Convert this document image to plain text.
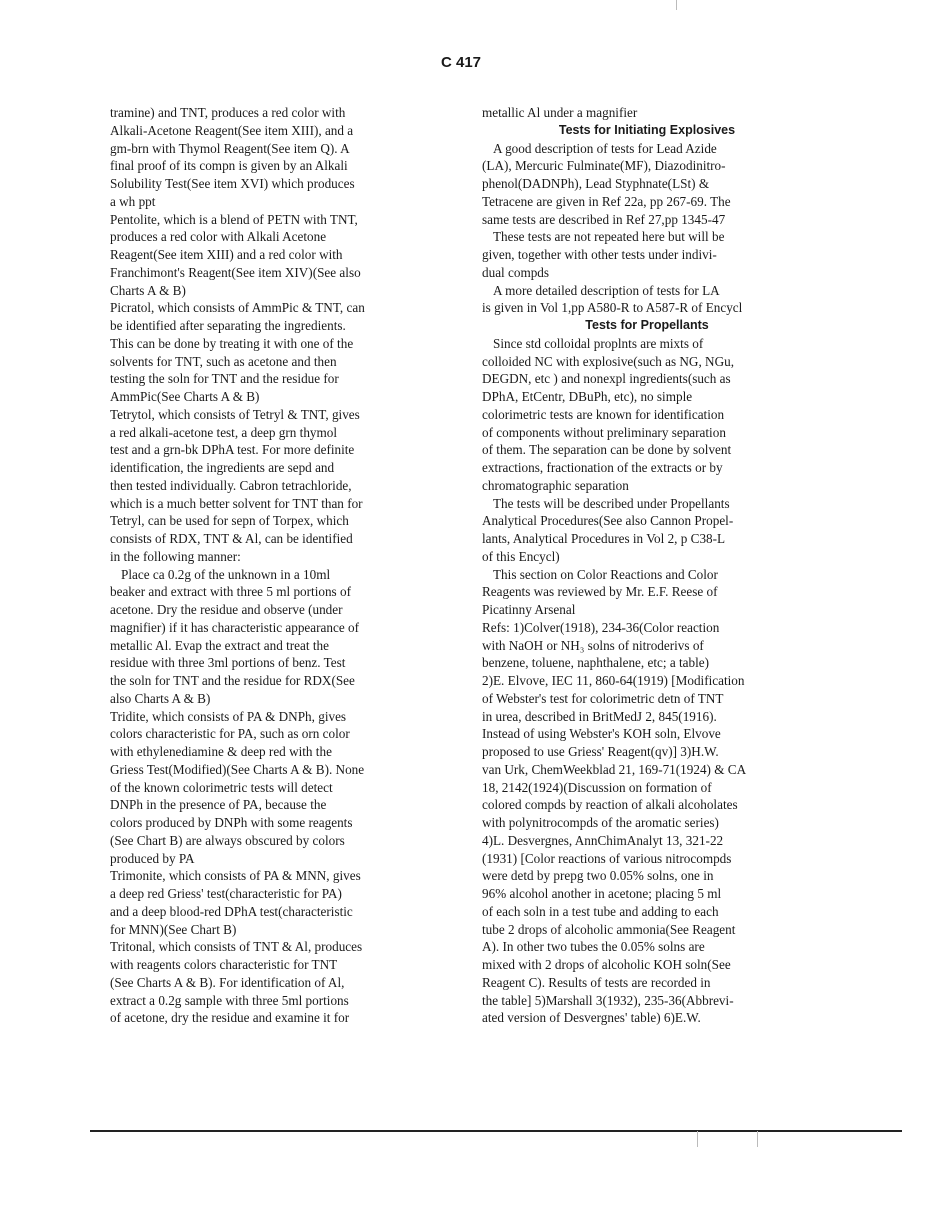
C 417
tramine) and TNT, produces a red color with
Alkali-Acetone Reagent(See item XIII), and a
gm-brn with Thymol Reagent(See item Q). A
final proof of its compn is given by an Alkali
Solubility Test(See item XVI) which produces
a wh ppt
Pentolite, which is a blend of PETN with TNT,
produces a red color with Alkali Acetone
Reagent(See item XIII) and a red color with
Franchimont's Reagent(See item XIV)(See also
Charts A & B)
Picratol, which consists of AmmPic & TNT, can
be identified after separating the ingredients.
This can be done by treating it with one of the
solvents for TNT, such as acetone and then
testing the soln for TNT and the residue for
AmmPic(See Charts A & B)
Tetrytol, which consists of Tetryl & TNT, gives
a red alkali-acetone test, a deep grn thymol
test and a grn-bk DPhA test. For more definite
identification, the ingredients are sepd and
then tested individually. Cabron tetrachloride,
which is a much better solvent for TNT than for
Tetryl, can be used for sepn of Torpex, which
consists of RDX, TNT & Al, can be identified
in the following manner:
Place ca 0.2g of the unknown in a 10ml
beaker and extract with three 5 ml portions of
acetone. Dry the residue and observe (under
magnifier) if it has characteristic appearance of
metallic Al. Evap the extract and treat the
residue with three 3ml portions of benz. Test
the soln for TNT and the residue for RDX(See
also Charts A & B)
Tridite, which consists of PA & DNPh, gives
colors characteristic for PA, such as orn color
with ethylenediamine & deep red with the
Griess Test(Modified)(See Charts A & B). None
of the known colorimetric tests will detect
DNPh in the presence of PA, because the
colors produced by DNPh with some reagents
(See Chart B) are always obscured by colors
produced by PA
Trimonite, which consists of PA & MNN, gives
a deep red Griess' test(characteristic for PA)
and a deep blood-red DPhA test(characteristic
for MNN)(See Chart B)
Tritonal, which consists of TNT & Al, produces
with reagents colors characteristic for TNT
(See Charts A & B). For identification of Al,
extract a 0.2g sample with three 5ml portions
of acetone, dry the residue and examine it for
metallic Al under a magnifier
Tests for Initiating Explosives
A good description of tests for Lead Azide
(LA), Mercuric Fulminate(MF), Diazodinitro-
phenol(DADNPh), Lead Styphnate(LSt) &
Tetracene are given in Ref 22a, pp 267-69. The
same tests are described in Ref 27,pp 1345-47
These tests are not repeated here but will be
given, together with other tests under indivi-
dual compds
A more detailed description of tests for LA
is given in Vol 1,pp A580-R to A587-R of Encycl
Tests for Propellants
Since std colloidal proplnts are mixts of
colloided NC with explosive(such as NG, NGu,
DEGDN, etc ) and nonexpl ingredients(such as
DPhA, EtCentr, DBuPh, etc), no simple
colorimetric tests are known for identification
of components without preliminary separation
of them. The separation can be done by solvent
extractions, fractionation of the extracts or by
chromatographic separation
The tests will be described under Propellants
Analytical Procedures(See also Cannon Propel-
lants, Analytical Procedures in Vol 2, p C38-L
of this Encycl)
This section on Color Reactions and Color
Reagents was reviewed by Mr. E.F. Reese of
Picatinny Arsenal
Refs: 1)Colver(1918), 234-36(Color reaction
with NaOH or NH₃ solns of nitroderivs of
benzene, toluene, naphthalene, etc; a table)
2)E. Elvove, IEC 11, 860-64(1919) [Modification
of Webster's test for colorimetric detn of TNT
in urea, described in BritMedJ 2, 845(1916).
Instead of using Webster's KOH soln, Elvove
proposed to use Griess' Reagent(qv)] 3)H.W.
van Urk, ChemWeekblad 21, 169-71(1924) & CA
18, 2142(1924)(Discussion on formation of
colored compds by reaction of alkali alcoholates
with polynitrocompds of the aromatic series)
4)L. Desvergnes, AnnChimAnalyt 13, 321-22
(1931) [Color reactions of various nitrocompds
were detd by prepg two 0.05% solns, one in
96% alcohol another in acetone; placing 5 ml
of each soln in a test tube and adding to each
tube 2 drops of alcoholic ammonia(See Reagent
A). In other two tubes the 0.05% solns are
mixed with 2 drops of alcoholic KOH soln(See
Reagent C). Results of tests are recorded in
the table] 5)Marshall 3(1932), 235-36(Abbrevi-
ated version of Desvergnes' table) 6)E.W.
